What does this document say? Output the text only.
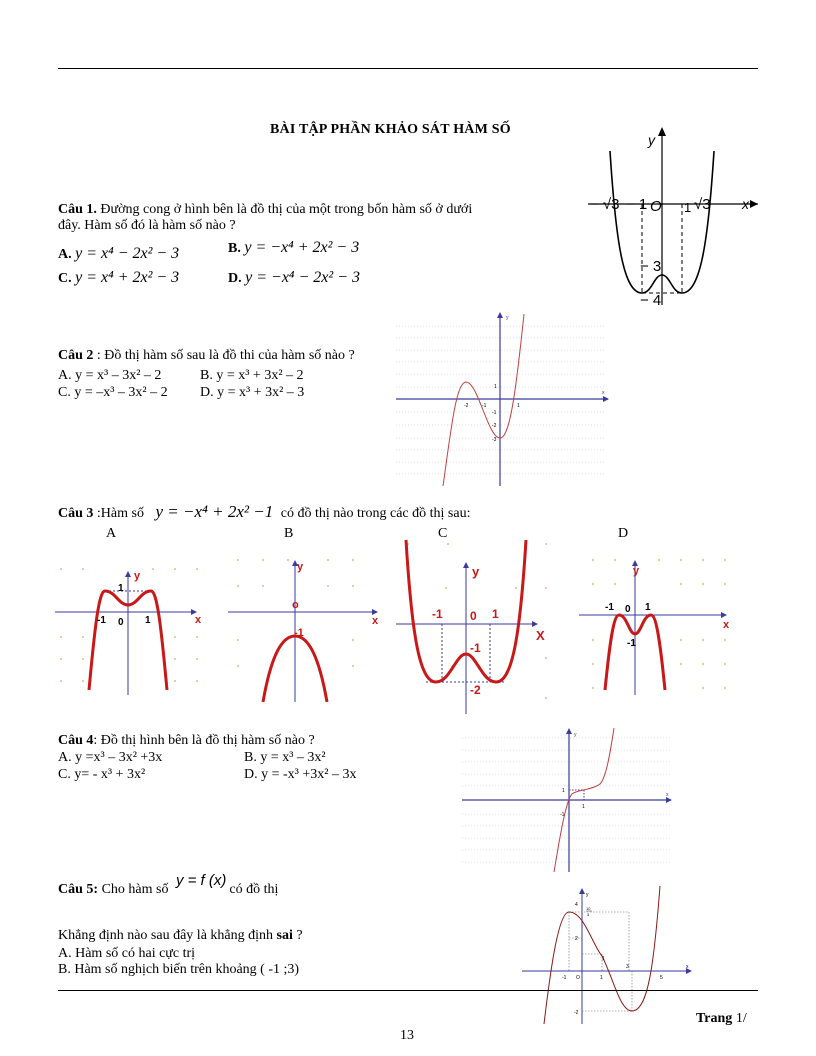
BÀI TẬP PHẦN KHẢO SÁT HÀM SỐ
Câu 1. Đường cong ở hình bên là đồ thị của một trong bốn hàm số ở dưới
đây. Hàm số đó là hàm số nào ?
A. y = x⁴ − 2x² − 3	B. y = −x⁴ + 2x² − 3
C. y = x⁴ + 2x² − 3	D. y = −x⁴ − 2x² − 3
y
x
O
− √3 − 1	1 √3
− 3
− 4
Câu 2 : Đồ thị hàm số sau là đồ thi của hàm số nào ?
A. y = x³ – 3x² – 2	B. y = x³ + 3x² – 2
C. y = –x³ – 3x² – 2 D. y = x³ + 3x² – 3
y
x
-2	-1	1
1
-1
-2
-3
Câu 3 :Hàm số y = −x⁴ + 2x² −1 có đồ thị nào trong các đồ thị sau:
A	B	C	D
y
x
1
-1 0 1
y
x
o
-1
y
X
-1 0 1
-1
-2
y
x
-1 0 1
-1
Câu 4: Đồ thị hình bên là đồ thị hàm số nào ?
A. y =x³ – 3x² +3x	B. y = x³ – 3x²
C. y= - x³ + 3x²	D. y = -x³ +3x² – 3x
y
x
1
1
-1
Câu 5: Cho hàm số y = f (x)có đồ thị
Khẳng định nào sau đây là khẳng định sai ?
A. Hàm số có hai cực trị
B. Hàm số nghịch biến trên khoảng ( -1 ;3)
y
x
4
10
3
2
1
-1 O	1
3
5
-2	Trang 1/
13
